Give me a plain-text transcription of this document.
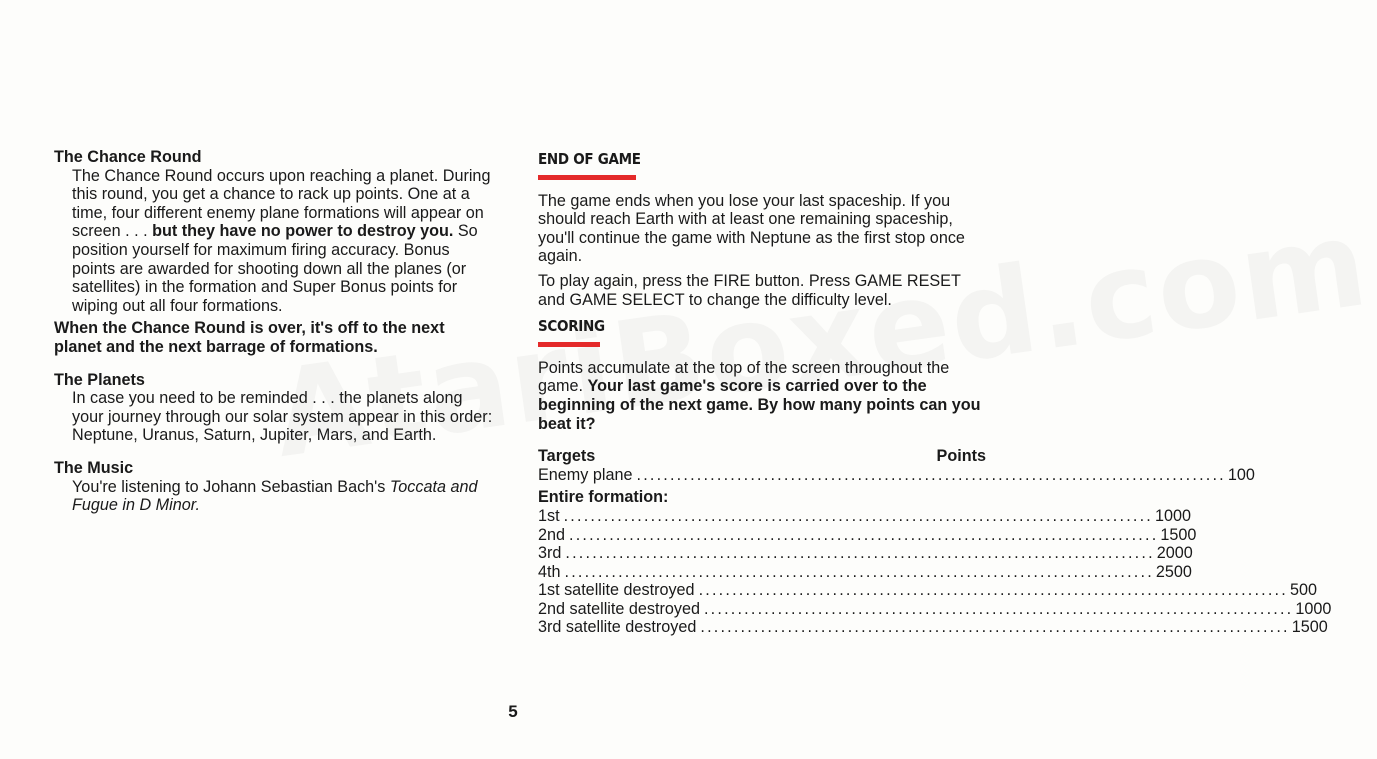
The Chance Round
The Chance Round occurs upon reaching a planet. During this round, you get a chance to rack up points. One at a time, four different enemy plane formations will appear on screen . . . but they have no power to destroy you. So position yourself for maximum firing accuracy. Bonus points are awarded for shooting down all the planes (or satellites) in the formation and Super Bonus points for wiping out all four formations.
When the Chance Round is over, it's off to the next planet and the next barrage of formations.
The Planets
In case you need to be reminded . . . the planets along your journey through our solar system appear in this order: Neptune, Uranus, Saturn, Jupiter, Mars, and Earth.
The Music
You're listening to Johann Sebastian Bach's Toccata and Fugue in D Minor.
END OF GAME

The game ends when you lose your last spaceship. If you should reach Earth with at least one remaining spaceship, you'll continue the game with Neptune as the first stop once again.

To play again, press the FIRE button. Press GAME RESET and GAME SELECT to change the difficulty level.

SCORING

Points accumulate at the top of the screen throughout the game. Your last game's score is carried over to the beginning of the next game. By how many points can you beat it?

Targets	Points
Enemy plane ........................................................................................ 100
Entire formation:
1st ........................................................................................ 1000
2nd ........................................................................................ 1500
3rd ........................................................................................ 2000
4th ........................................................................................ 2500
1st satellite destroyed ........................................................................................ 500
2nd satellite destroyed ........................................................................................ 1000
3rd satellite destroyed ........................................................................................ 1500
5
